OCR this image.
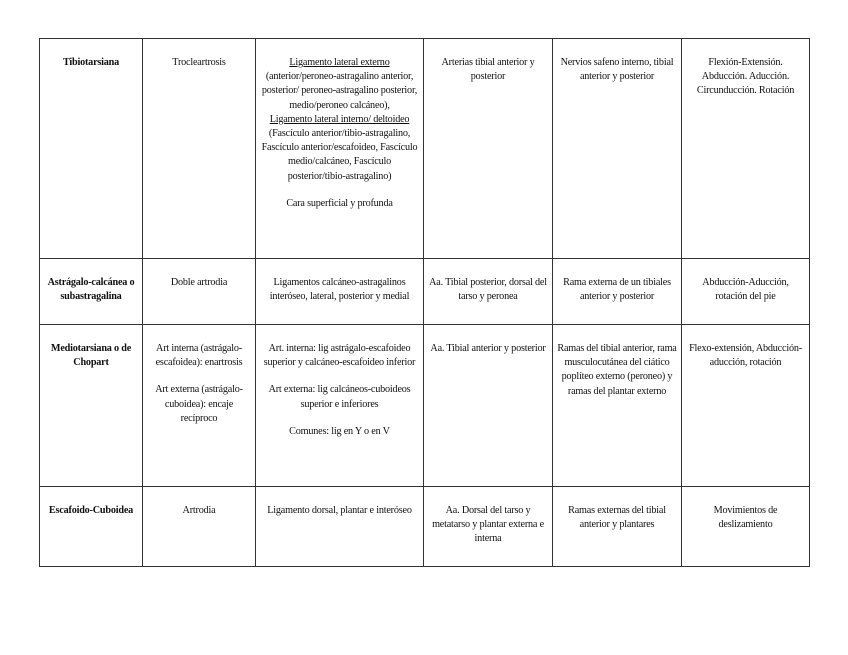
Tibiotarsiana	Trocleartrosis	Ligamento lateral externo
(anterior/peroneo-astragalino anterior, posterior/ peroneo-astragalino posterior, medio/peroneo calcáneo),
Ligamento lateral interno/ deltoideo
(Fascículo anterior/tibio-astragalino, Fascículo anterior/escafoideo, Fascículo medio/calcáneo, Fascículo posterior/tibio-astragalino)
Cara superficial y profunda	Arterias tibial anterior y posterior	Nervios safeno interno, tibial anterior y posterior	Flexión-Extensión. Abducción. Aducción. Circunducción. Rotación
Astrágalo-calcánea o subastragalina	Doble artrodia	Ligamentos calcáneo-astragalinos interóseo, lateral, posterior y medial	Aa. Tibial posterior, dorsal del tarso y peronea	Rama externa de un tibiales anterior y posterior	Abducción-Aducción, rotación del pie
Mediotarsiana o de Chopart	Art interna (astrágalo-escafoidea): enartrosis
Art externa (astrágalo-cuboidea): encaje recíproco	Art. interna: lig astrágalo-escafoideo superior y calcáneo-escafoideo inferior
Art externa: lig calcáneos-cuboideos superior e inferiores
Comunes: lig en Y o en V	Aa. Tibial anterior y posterior	Ramas del tibial anterior, rama musculocutánea del ciático poplíteo externo (peroneo) y ramas del plantar externo	Flexo-extensión, Abducción-aducción, rotación
Escafoido-Cuboidea	Artrodia	Ligamento dorsal, plantar e interóseo	Aa. Dorsal del tarso y metatarso y plantar externa e interna	Ramas externas del tibial anterior y plantares	Movimientos de deslizamiento
